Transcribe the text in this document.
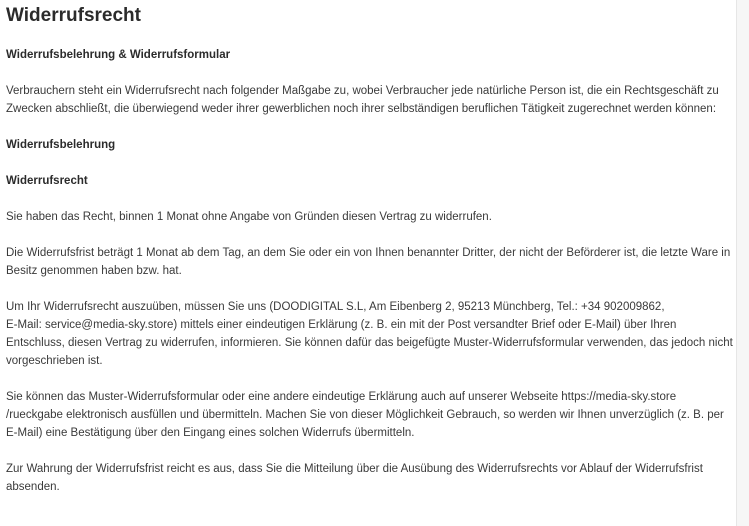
Widerrufsrecht

Widerrufsbelehrung & Widerrufsformular

Verbrauchern steht ein Widerrufsrecht nach folgender Maßgabe zu, wobei Verbraucher jede natürliche Person ist, die ein Rechtsgeschäft zu Zwecken abschließt, die überwiegend weder ihrer gewerblichen noch ihrer selbständigen beruflichen Tätigkeit zugerechnet werden können:

Widerrufsbelehrung

Widerrufsrecht

Sie haben das Recht, binnen 1 Monat ohne Angabe von Gründen diesen Vertrag zu widerrufen.

Die Widerrufsfrist beträgt 1 Monat ab dem Tag, an dem Sie oder ein von Ihnen benannter Dritter, der nicht der Beförderer ist, die letzte Ware in Besitz genommen haben bzw. hat.

Um Ihr Widerrufsrecht auszuüben, müssen Sie uns (DOODIGITAL S.L, Am Eibenberg 2, 95213 Münchberg, Tel.: +34 902009862,

E-Mail: service@media-sky.store) mittels einer eindeutigen Erklärung (z. B. ein mit der Post versandter Brief oder E-Mail) über Ihren Entschluss, diesen Vertrag zu widerrufen, informieren. Sie können dafür das beigefügte Muster-Widerrufsformular verwenden, das jedoch nicht vorgeschrieben ist.

Sie können das Muster-Widerrufsformular oder eine andere eindeutige Erklärung auch auf unserer Webseite https://media-sky.store

/rueckgabe elektronisch ausfüllen und übermitteln. Machen Sie von dieser Möglichkeit Gebrauch, so werden wir Ihnen unverzüglich (z. B. per E-Mail) eine Bestätigung über den Eingang eines solchen Widerrufs übermitteln.

Zur Wahrung der Widerrufsfrist reicht es aus, dass Sie die Mitteilung über die Ausübung des Widerrufsrechts vor Ablauf der Widerrufsfrist absenden.
